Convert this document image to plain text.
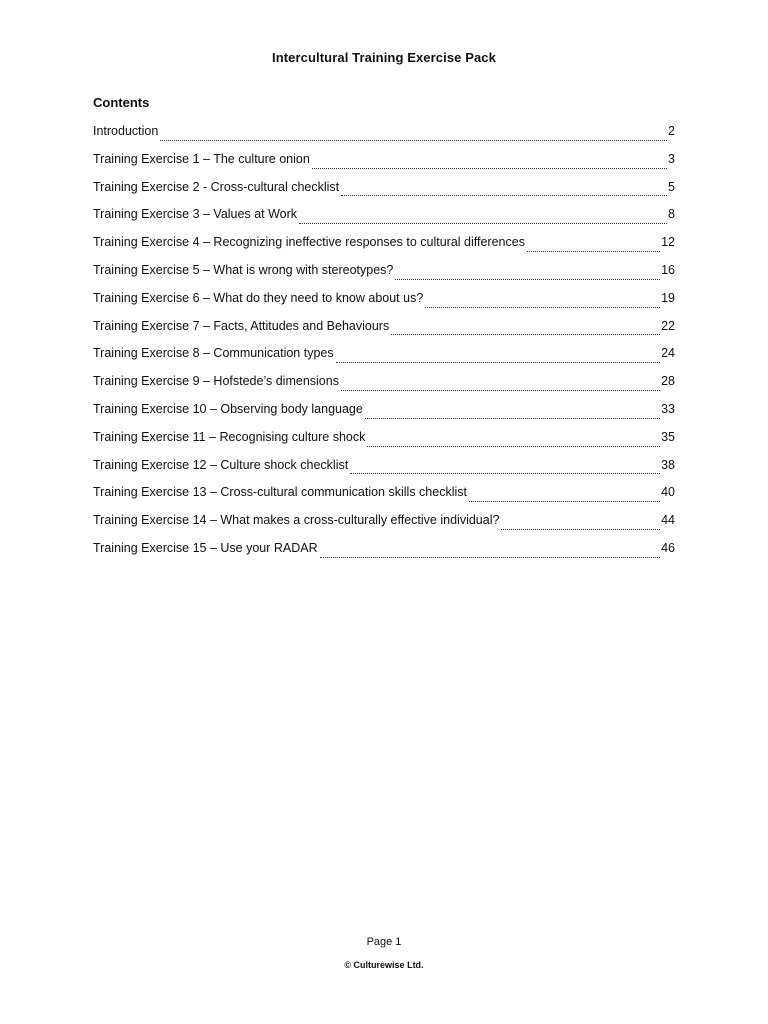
Intercultural Training Exercise Pack
Contents
Introduction	2
Training Exercise 1 – The culture onion	3
Training Exercise 2 - Cross-cultural checklist	5
Training Exercise 3 – Values at Work	8
Training Exercise 4 – Recognizing ineffective responses to cultural differences	12
Training Exercise 5 – What is wrong with stereotypes?	16
Training Exercise 6 – What do they need to know about us?	19
Training Exercise 7 – Facts, Attitudes and Behaviours	22
Training Exercise 8 – Communication types	24
Training Exercise 9 – Hofstede’s dimensions	28
Training Exercise 10 – Observing body language	33
Training Exercise 11 – Recognising culture shock	35
Training Exercise 12 – Culture shock checklist	38
Training Exercise 13 – Cross-cultural communication skills checklist	40
Training Exercise 14 – What makes a cross-culturally effective individual?	44
Training Exercise 15 – Use your RADAR	46
Page 1
© Culturewise Ltd.
